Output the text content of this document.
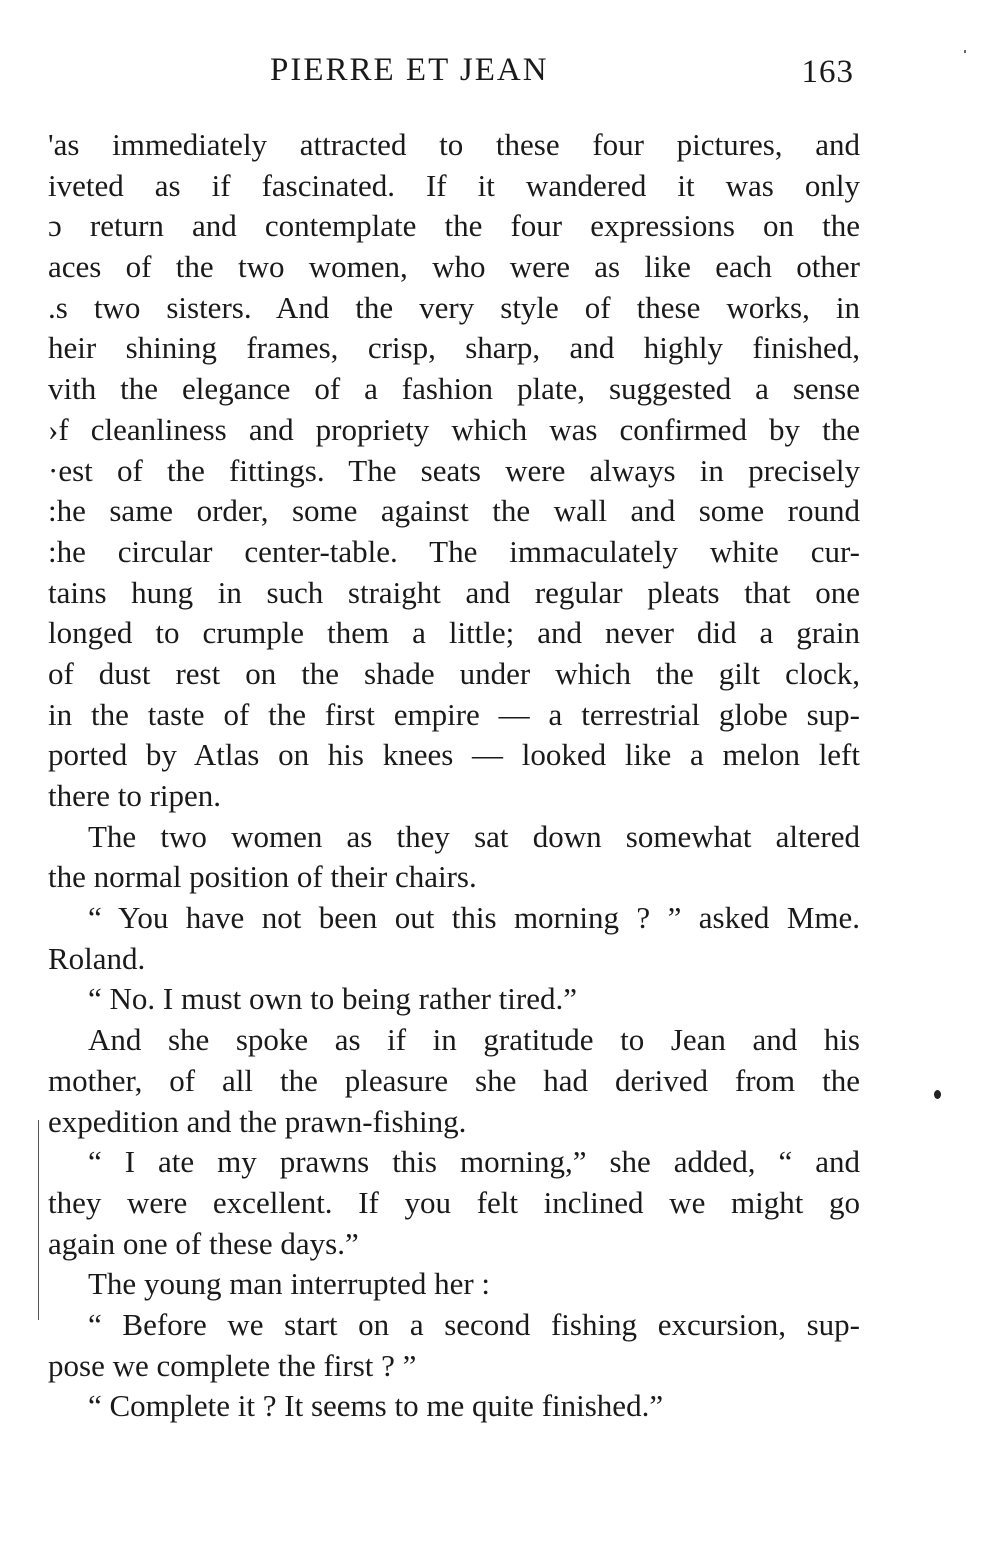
PIERRE ET JEAN	163
'as immediately attracted to these four pictures, and
iveted as if fascinated. If it wandered it was only
ɔ return and contemplate the four expressions on the
aces of the two women, who were as like each other
.s two sisters. And the very style of these works, in
heir shining frames, crisp, sharp, and highly finished,
vith the elegance of a fashion plate, suggested a sense
›f cleanliness and propriety which was confirmed by the
·est of the fittings. The seats were always in precisely
:he same order, some against the wall and some round
:he circular center-table. The immaculately white cur-
tains hung in such straight and regular pleats that one
longed to crumple them a little; and never did a grain
of dust rest on the shade under which the gilt clock,
in the taste of the first empire — a terrestrial globe sup-
ported by Atlas on his knees — looked like a melon left
there to ripen.
The two women as they sat down somewhat altered
the normal position of their chairs.
“ You have not been out this morning ? ” asked Mme.
Roland.
“ No. I must own to being rather tired.”
And she spoke as if in gratitude to Jean and his
mother, of all the pleasure she had derived from the
expedition and the prawn-fishing.
“ I ate my prawns this morning,” she added, “ and
they were excellent. If you felt inclined we might go
again one of these days.”
The young man interrupted her :
“ Before we start on a second fishing excursion, sup-
pose we complete the first ? ”
“ Complete it ? It seems to me quite finished.”
